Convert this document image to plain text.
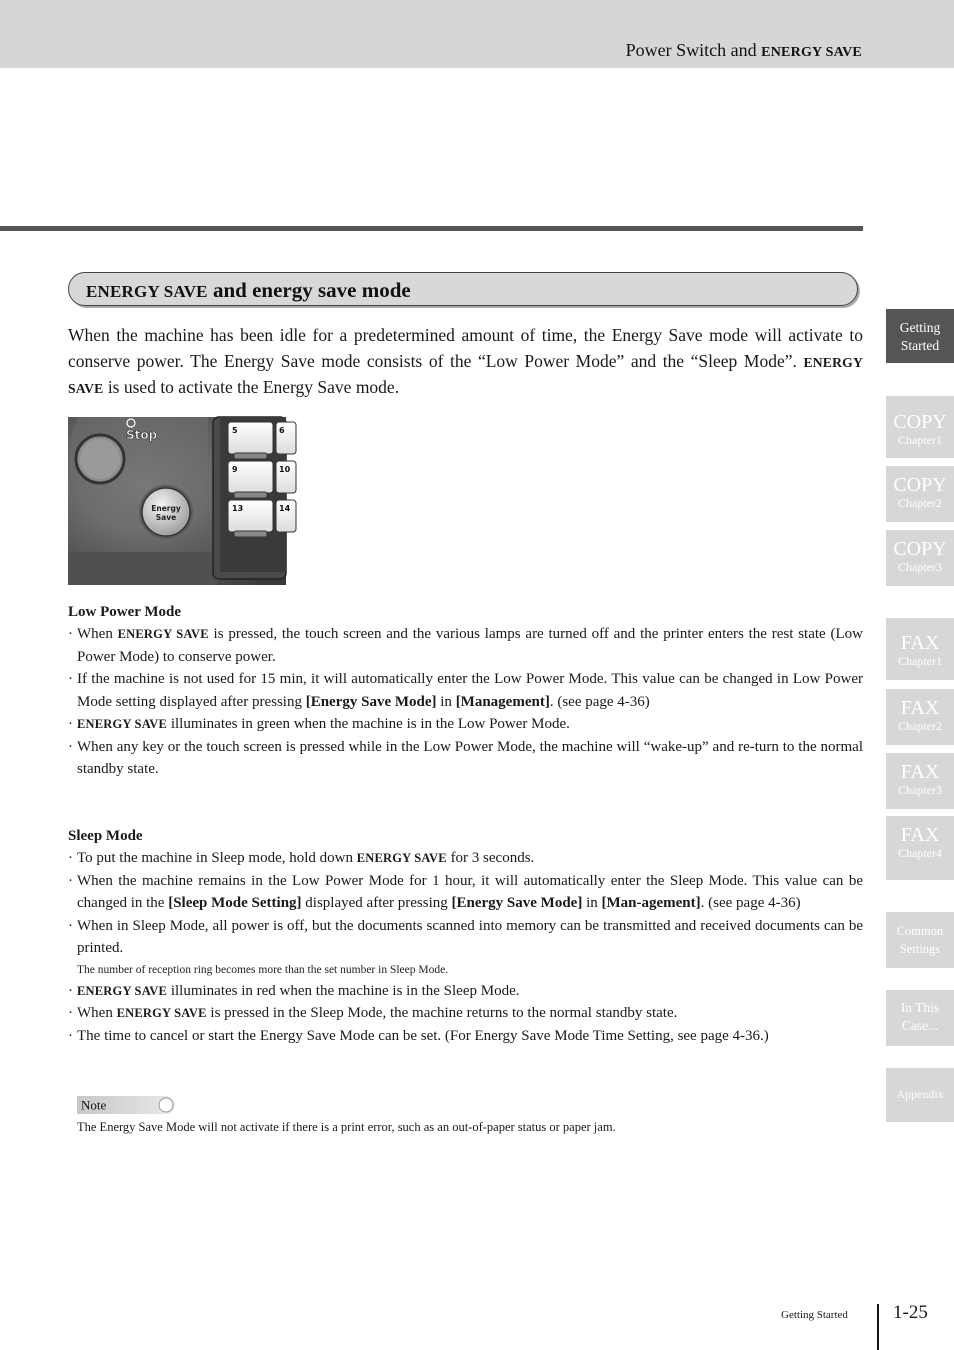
Power Switch and ENERGY SAVE
ENERGY SAVE and energy save mode
When the machine has been idle for a predetermined amount of time, the Energy Save mode will activate to conserve power. The Energy Save mode consists of the “Low Power Mode” and the “Sleep Mode”. ENERGY SAVE is used to activate the Energy Save mode.
Stop
Energy
Save
5	6
9	10
13	14
Low Power Mode
· When ENERGY SAVE is pressed, the touch screen and the various lamps are turned off and the printer enters the rest state (Low Power Mode) to conserve power.
· If the machine is not used for 15 min, it will automatically enter the Low Power Mode. This value can be changed in Low Power Mode setting displayed after pressing [Energy Save Mode] in [Management]. (see page 4-36)
· ENERGY SAVE illuminates in green when the machine is in the Low Power Mode.
· When any key or the touch screen is pressed while in the Low Power Mode, the machine will “wake-up” and re-turn to the normal standby state.
Sleep Mode
· To put the machine in Sleep mode, hold down ENERGY SAVE for 3 seconds.
· When the machine remains in the Low Power Mode for 1 hour, it will automatically enter the Sleep Mode. This value can be changed in the [Sleep Mode Setting] displayed after pressing [Energy Save Mode] in [Man-agement]. (see page 4-36)
· When in Sleep Mode, all power is off, but the documents scanned into memory can be transmitted and received documents can be printed.
The number of reception ring becomes more than the set number in Sleep Mode.
· ENERGY SAVE illuminates in red when the machine is in the Sleep Mode.
· When ENERGY SAVE is pressed in the Sleep Mode, the machine returns to the normal standby state.
· The time to cancel or start the Energy Save Mode can be set. (For Energy Save Mode Time Setting, see page 4-36.)
Note
The Energy Save Mode will not activate if there is a print error, such as an out-of-paper status or paper jam.
Getting Started 1-25
Getting
Started
COPY
Chapter1
COPY
Chapter2
COPY
Chapter3
FAX
Chapter1
FAX
Chapter2
FAX
Chapter3
FAX
Chapter4
Common
Settings
In This
Case...
Appendix
